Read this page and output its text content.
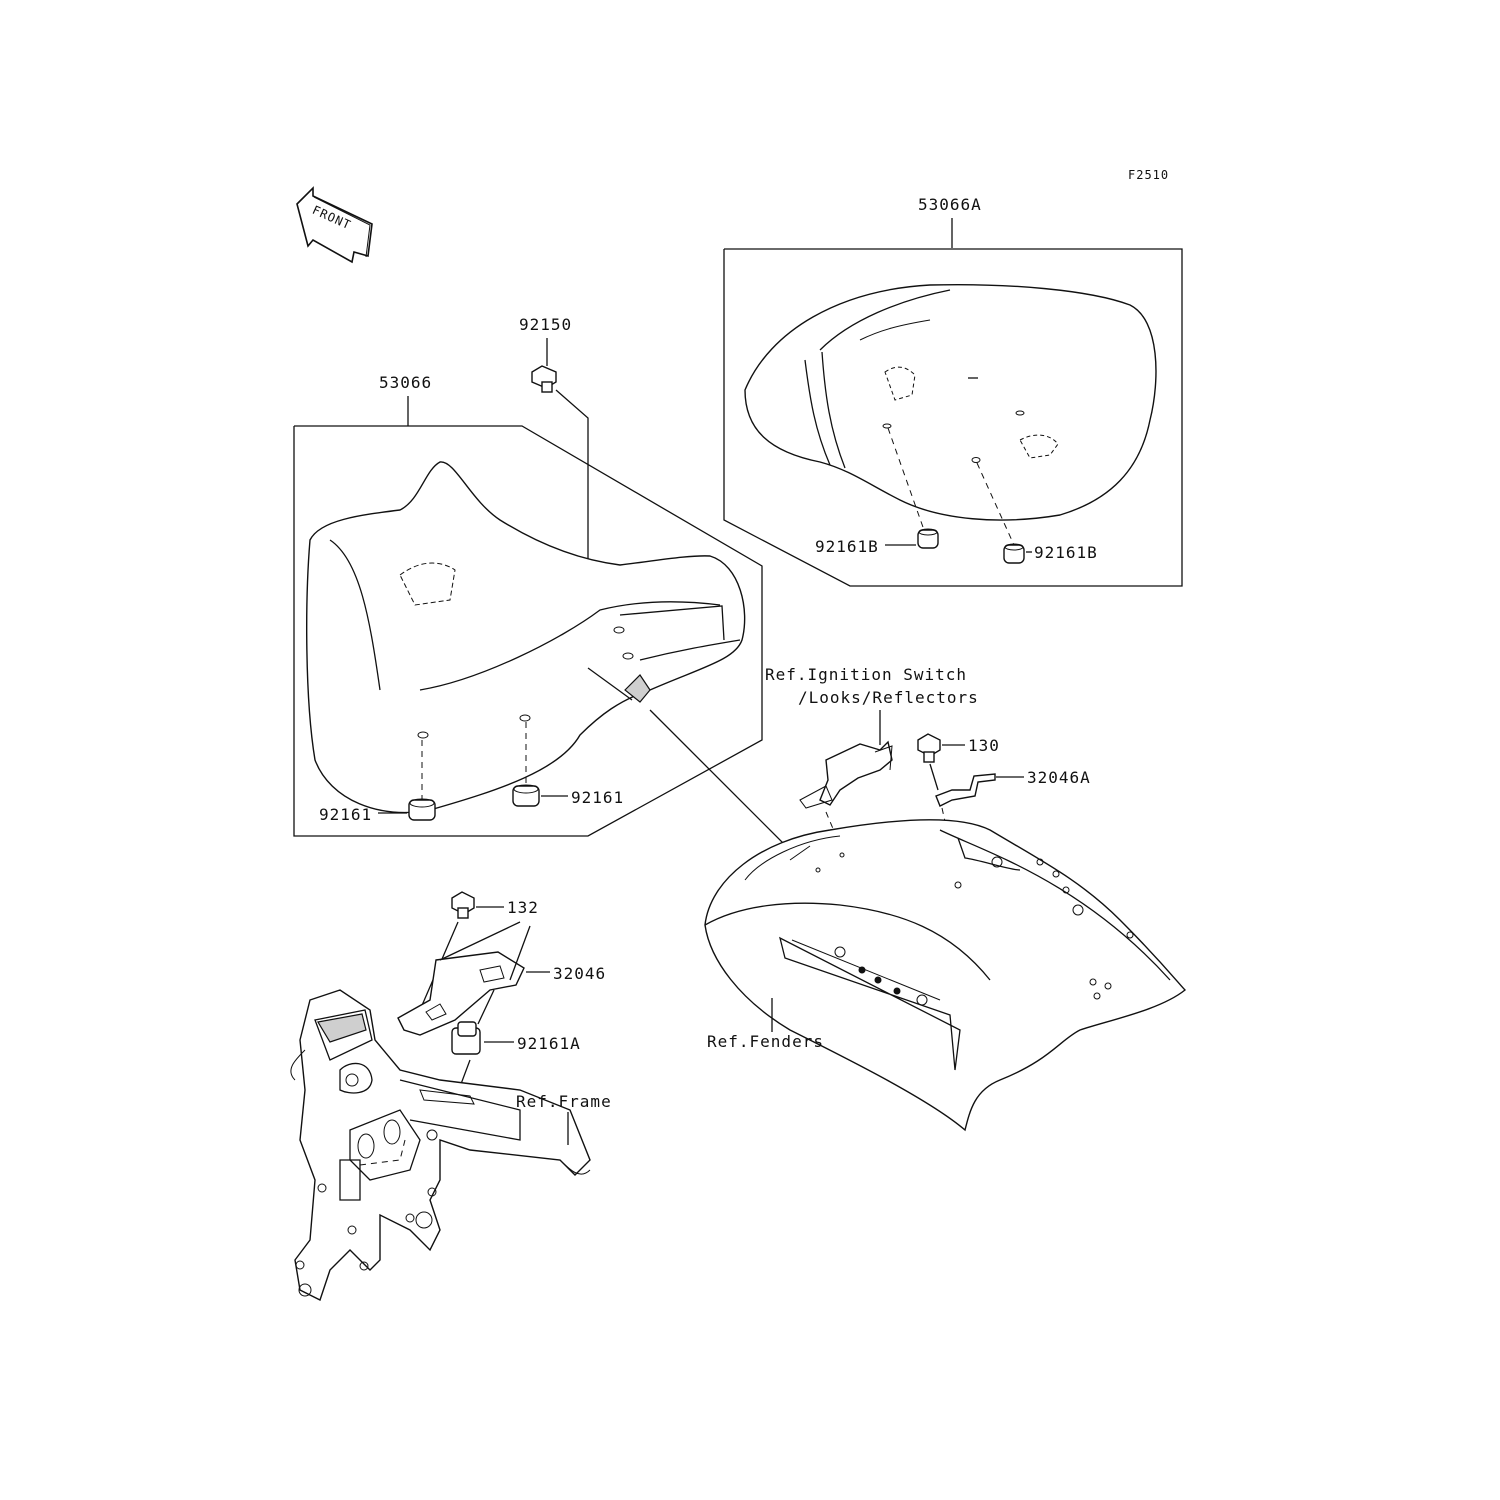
F2510
FRONT	53066A
92161B	92161B
92150
53066
92161
92161
Ref.Ignition Switch
/Looks/Reflectors
130
32046A
Ref.Fenders
132
32046
92161A
Ref.Frame
